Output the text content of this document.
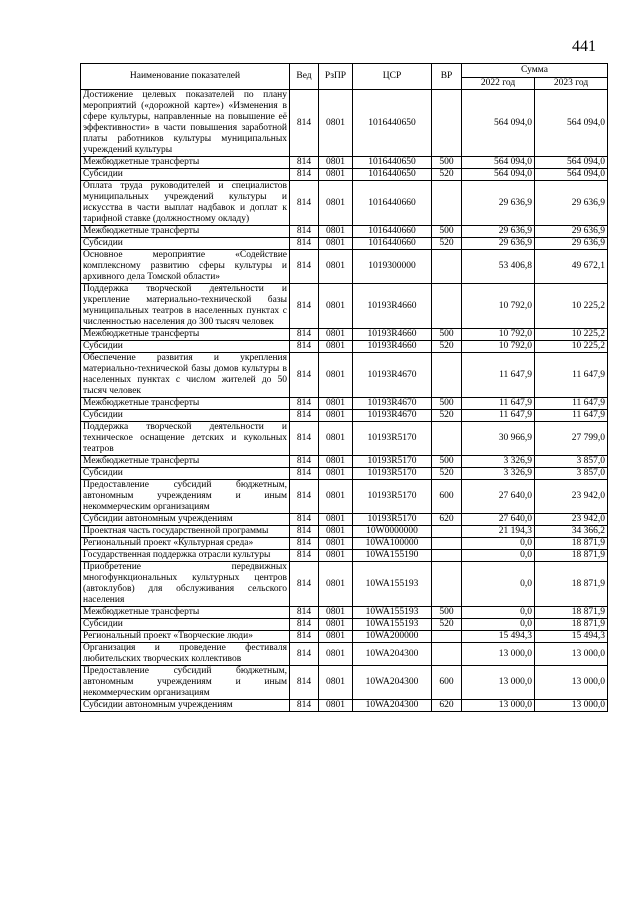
441
Наименование показателей	Вед	РзПР	ЦСР	ВР	Сумма	
					2022 год	2023 год
Достижение целевых показателей по плану мероприятий («дорожной карте») «Изменения в сфере культуры, направленные на повышение её эффективности» в части повышения заработной платы работников культуры муниципальных учреждений культуры	814	0801	1016440650		564 094,0	564 094,0
Межбюджетные трансферты	814	0801	1016440650	500	564 094,0	564 094,0
Субсидии	814	0801	1016440650	520	564 094,0	564 094,0
Оплата труда руководителей и специалистов муниципальных учреждений культуры и искусства в части выплат надбавок и доплат к тарифной ставке (должностному окладу)	814	0801	1016440660		29 636,9	29 636,9
Межбюджетные трансферты	814	0801	1016440660	500	29 636,9	29 636,9
Субсидии	814	0801	1016440660	520	29 636,9	29 636,9
Основное мероприятие «Содействие комплексному развитию сферы культуры и архивного дела Томской области»	814	0801	1019300000		53 406,8	49 672,1
Поддержка творческой деятельности и укрепление материально-технической базы муниципальных театров в населенных пунктах с численностью населения до 300 тысяч человек	814	0801	10193R4660		10 792,0	10 225,2
Межбюджетные трансферты	814	0801	10193R4660	500	10 792,0	10 225,2
Субсидии	814	0801	10193R4660	520	10 792,0	10 225,2
Обеспечение развития и укрепления материально-технической базы домов культуры в населенных пунктах с числом жителей до 50 тысяч человек	814	0801	10193R4670		11 647,9	11 647,9
Межбюджетные трансферты	814	0801	10193R4670	500	11 647,9	11 647,9
Субсидии	814	0801	10193R4670	520	11 647,9	11 647,9
Поддержка творческой деятельности и техническое оснащение детских и кукольных театров	814	0801	10193R5170		30 966,9	27 799,0
Межбюджетные трансферты	814	0801	10193R5170	500	3 326,9	3 857,0
Субсидии	814	0801	10193R5170	520	3 326,9	3 857,0
Предоставление субсидий бюджетным, автономным учреждениям и иным некоммерческим организациям	814	0801	10193R5170	600	27 640,0	23 942,0
Субсидии автономным учреждениям	814	0801	10193R5170	620	27 640,0	23 942,0
Проектная часть государственной программы	814	0801	10W0000000		21 194,3	34 366,2
Региональный проект «Культурная среда»	814	0801	10WA100000		0,0	18 871,9
Государственная поддержка отрасли культуры	814	0801	10WA155190		0,0	18 871,9
Приобретение передвижных многофункциональных культурных центров (автоклубов) для обслуживания сельского населения	814	0801	10WA155193		0,0	18 871,9
Межбюджетные трансферты	814	0801	10WA155193	500	0,0	18 871,9
Субсидии	814	0801	10WA155193	520	0,0	18 871,9
Региональный проект «Творческие люди»	814	0801	10WA200000		15 494,3	15 494,3
Организация и проведение фестиваля любительских творческих коллективов	814	0801	10WA204300		13 000,0	13 000,0
Предоставление субсидий бюджетным, автономным учреждениям и иным некоммерческим организациям	814	0801	10WA204300	600	13 000,0	13 000,0
Субсидии автономным учреждениям	814	0801	10WA204300	620	13 000,0	13 000,0
